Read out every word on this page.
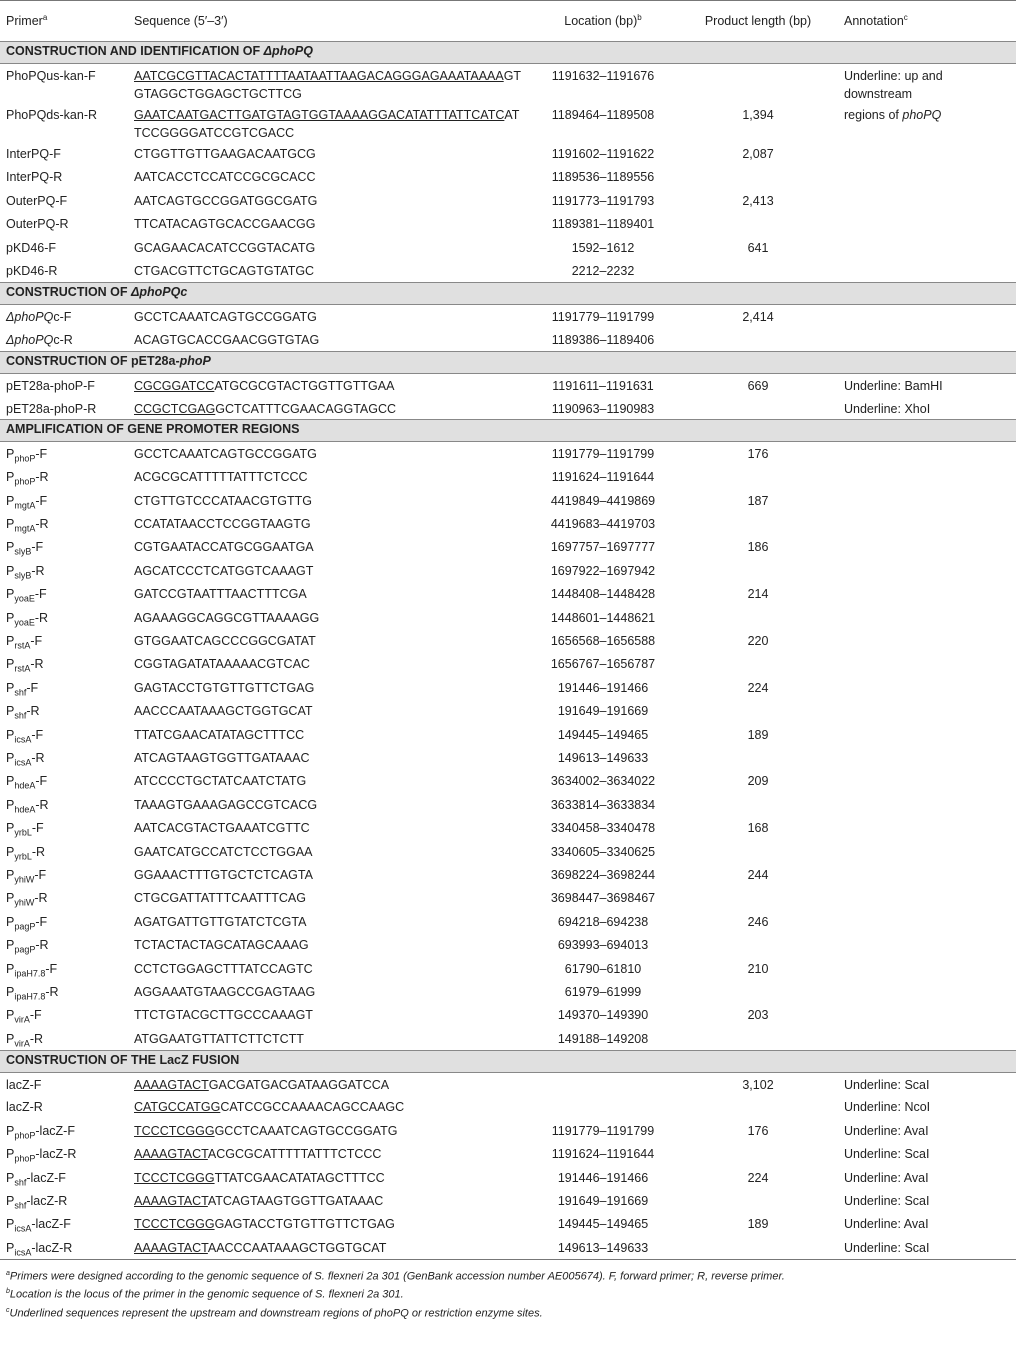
Primer$^a$	Sequence (5′–3′)	Location (bp)$^b$	Product length (bp)	Annotation$^c$
CONSTRUCTION AND IDENTIFICATION OF ΔphoPQ				
PhoPQus-kan-F	AATCGCGTTACACTATTTTAATAATTAAGACAGGGAGAAATAAAAGTGTAGGCTGGAGCTGCTTCG	1191632–1191676		Underline: up and downstream
PhoPQds-kan-R	GAATCAATGACTTGATGTAGTGGTAAAAGGACATATTTATTCATCATTCCGGGGATCCGTCGACC	1189464–1189508	1,394	regions of phoPQ
InterPQ-F	CTGGTTGTTGAAGACAATGCG	1191602–1191622	2,087	
InterPQ-R	AATCACCTCCATCCGCGCACC	1189536–1189556		
OuterPQ-F	AATCAGTGCCGGATGGCGATG	1191773–1191793	2,413	
OuterPQ-R	TTCATACAGTGCACCGAACGG	1189381–1189401		
pKD46-F	GCAGAACACATCCGGTACATG	1592–1612	641	
pKD46-R	CTGACGTTCTGCAGTGTATGC	2212–2232		
CONSTRUCTION OF ΔphoPQc				
ΔphoPQc-F	GCCTCAAATCAGTGCCGGATG	1191779–1191799	2,414	
ΔphoPQc-R	ACAGTGCACCGAACGGTGTAG	1189386–1189406		
CONSTRUCTION OF pET28a-phoP				
pET28a-phoP-F	CGCGGATCCATGCGCGTACTGGTTGTTGAA	1191611–1191631	669	Underline: BamHI
pET28a-phoP-R	CCGCTCGAGGCTCATTTCGAACAGGTAGCC	1190963–1190983		Underline: XhoI
AMPLIFICATION OF GENE PROMOTER REGIONS				
$P_{phoP}-F$	GCCTCAAATCAGTGCCGGATG	1191779–1191799	176	
$P_{phoP}-R$	ACGCGCATTTTTATTTCTCCC	1191624–1191644		
$P_{mgtA}-F$	CTGTTGTCCCATAACGTGTTG	4419849–4419869	187	
$P_{mgtA}-R$	CCATATAACCTCCGGTAAGTG	4419683–4419703		
$P_{slyB}-F$	CGTGAATACCATGCGGAATGA	1697757–1697777	186	
$P_{slyB}-R$	AGCATCCCTCATGGTCAAAGT	1697922–1697942		
$P_{yoaE}-F$	GATCCGTAATTTAACTTTCGA	1448408–1448428	214	
$P_{yoaE}-R$	AGAAAGGCAGGCGTTAAAAGG	1448601–1448621		
$P_{rstA}-F$	GTGGAATCAGCCCGGCGATAT	1656568–1656588	220	
$P_{rstA}-R$	CGGTAGATATAAAAACGTCAC	1656767–1656787		
$P_{shf}-F$	GAGTACCTGTGTTGTTCTGAG	191446–191466	224	
$P_{shf}-R$	AACCCAATAAAGCTGGTGCAT	191649–191669		
$P_{icsA}-F$	TTATCGAACATATAGCTTTCC	149445–149465	189	
$P_{icsA}-R$	ATCAGTAAGTGGTTGATAAAC	149613–149633		
$P_{hdeA}-F$	ATCCCCTGCTATCAATCTATG	3634002–3634022	209	
$P_{hdeA}-R$	TAAAGTGAAAGAGCCGTCACG	3633814–3633834		
$P_{yrbL}-F$	AATCACGTACTGAAATCGTTC	3340458–3340478	168	
$P_{yrbL}-R$	GAATCATGCCATCTCCTGGAA	3340605–3340625		
$P_{yhiW}-F$	GGAAACTTTGTGCTCTCAGTA	3698224–3698244	244	
$P_{yhiW}-R$	CTGCGATTATTTCAATTTCAG	3698447–3698467		
$P_{pagP}-F$	AGATGATTGTTGTATCTCGTA	694218–694238	246	
$P_{pagP}-R$	TCTACTACTAGCATAGCAAAG	693993–694013		
$P_{ipaH7.8}-F$	CCTCTGGAGCTTTATCCAGTC	61790–61810	210	
$P_{ipaH7.8}-R$	AGGAAATGTAAGCCGAGTAAG	61979–61999		
$P_{virA}-F$	TTCTGTACGCTTGCCCAAAGT	149370–149390	203	
$P_{virA}-R$	ATGGAATGTTATTCTTCTCTT	149188–149208		
CONSTRUCTION OF THE LacZ FUSION				
lacZ-F	AAAAGTACTGACGATGACGATAAGGATCCA		3,102	Underline: ScaI
lacZ-R	CATGCCATGGCATCCGCCAAAACAGCCAAGC			Underline: NcoI
$P_{phoP}-lacZ-F$	TCCCTCGGGGCCTCAAATCAGTGCCGGATG	1191779–1191799	176	Underline: AvaI
$P_{phoP}-lacZ-R$	AAAAGTACTACGCGCATTTTTATTTCTCCC	1191624–1191644		Underline: ScaI
$P_{shf}-lacZ-F$	TCCCTCGGGTTATCGAACATATAGCTTTCC	191446–191466	224	Underline: AvaI
$P_{shf}-lacZ-R$	AAAAGTACTATCAGTAAGTGGTTGATAAAC	191649–191669		Underline: ScaI
$P_{icsA}-lacZ-F$	TCCCTCGGGGAGTACCTGTGTTGTTCTGAG	149445–149465	189	Underline: AvaI
$P_{icsA}-lacZ-R$	AAAAGTACTAACCCAATAAAGCTGGTGCAT	149613–149633		Underline: ScaI

$^a$Primers were designed according to the genomic sequence of S. flexneri 2a 301 (GenBank accession number AE005674). F, forward primer; R, reverse primer.

$^b$Location is the locus of the primer in the genomic sequence of S. flexneri 2a 301.

$^c$Underlined sequences represent the upstream and downstream regions of phoPQ or restriction enzyme sites.
